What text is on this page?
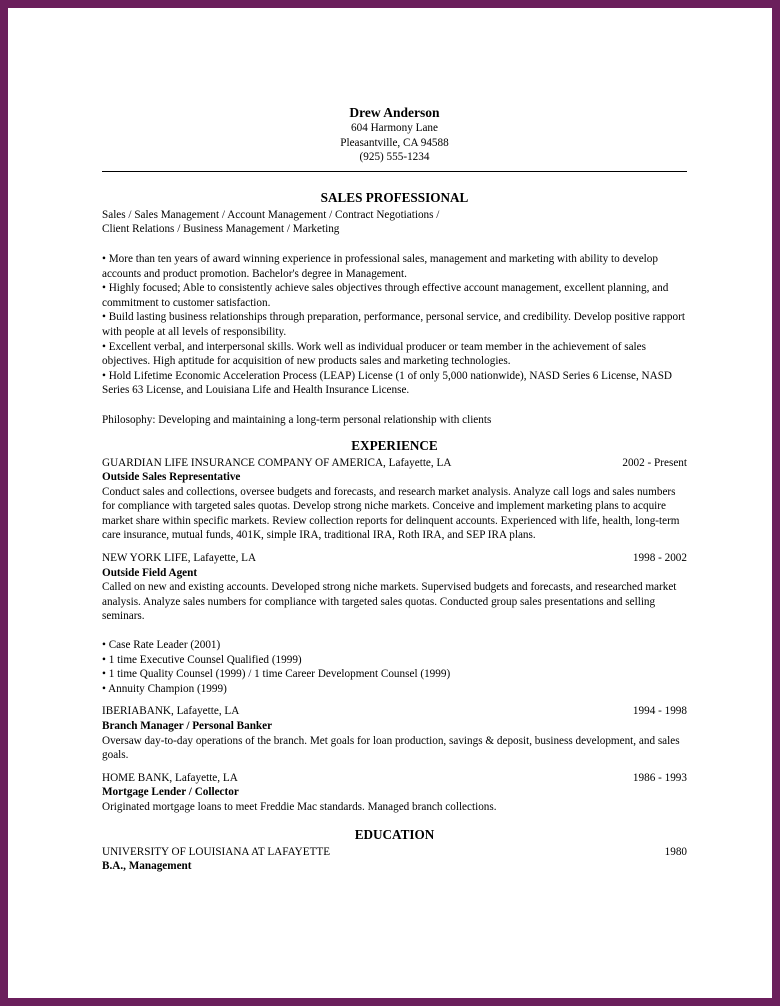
Drew Anderson
604 Harmony Lane
Pleasantville, CA 94588
(925) 555-1234
SALES PROFESSIONAL

Sales / Sales Management / Account Management / Contract Negotiations /

Client Relations / Business Management / Marketing

• More than ten years of award winning experience in professional sales, management and marketing with ability to develop accounts and product promotion. Bachelor's degree in Management.
• Highly focused; Able to consistently achieve sales objectives through effective account management, excellent planning, and commitment to customer satisfaction.
• Build lasting business relationships through preparation, performance, personal service, and credibility. Develop positive rapport with people at all levels of responsibility.
• Excellent verbal, and interpersonal skills. Work well as individual producer or team member in the achievement of sales objectives. High aptitude for acquisition of new products sales and marketing technologies.
• Hold Lifetime Economic Acceleration Process (LEAP) License (1 of only 5,000 nationwide), NASD Series 6 License, NASD Series 63 License, and Louisiana Life and Health Insurance License.

Philosophy: Developing and maintaining a long-term personal relationship with clients

EXPERIENCE
GUARDIAN LIFE INSURANCE COMPANY OF AMERICA, Lafayette, LA	2002 - Present
Outside Sales Representative

Conduct sales and collections, oversee budgets and forecasts, and research market analysis. Analyze call logs and sales numbers for compliance with targeted sales quotas. Develop strong niche markets. Conceive and implement marketing plans to acquire market share within specific markets. Review collection reports for delinquent accounts. Experienced with life, health, long-term care insurance, mutual funds, 401K, simple IRA, traditional IRA, Roth IRA, and SEP IRA plans.

NEW YORK LIFE, Lafayette, LA	1998 - 2002
Outside Field Agent

Called on new and existing accounts. Developed strong niche markets. Supervised budgets and forecasts, and researched market analysis. Analyze sales numbers for compliance with targeted sales quotas. Conducted group sales presentations and selling seminars.

• Case Rate Leader (2001)
• 1 time Executive Counsel Qualified (1999)
• 1 time Quality Counsel (1999) / 1 time Career Development Counsel (1999)
• Annuity Champion (1999)
IBERIABANK, Lafayette, LA	1994 - 1998
Branch Manager / Personal Banker

Oversaw day-to-day operations of the branch. Met goals for loan production, savings & deposit, business development, and sales goals.

HOME BANK, Lafayette, LA	1986 - 1993
Mortgage Lender / Collector

Originated mortgage loans to meet Freddie Mac standards. Managed branch collections.

EDUCATION
UNIVERSITY OF LOUISIANA AT LAFAYETTE	1980
B.A., Management
